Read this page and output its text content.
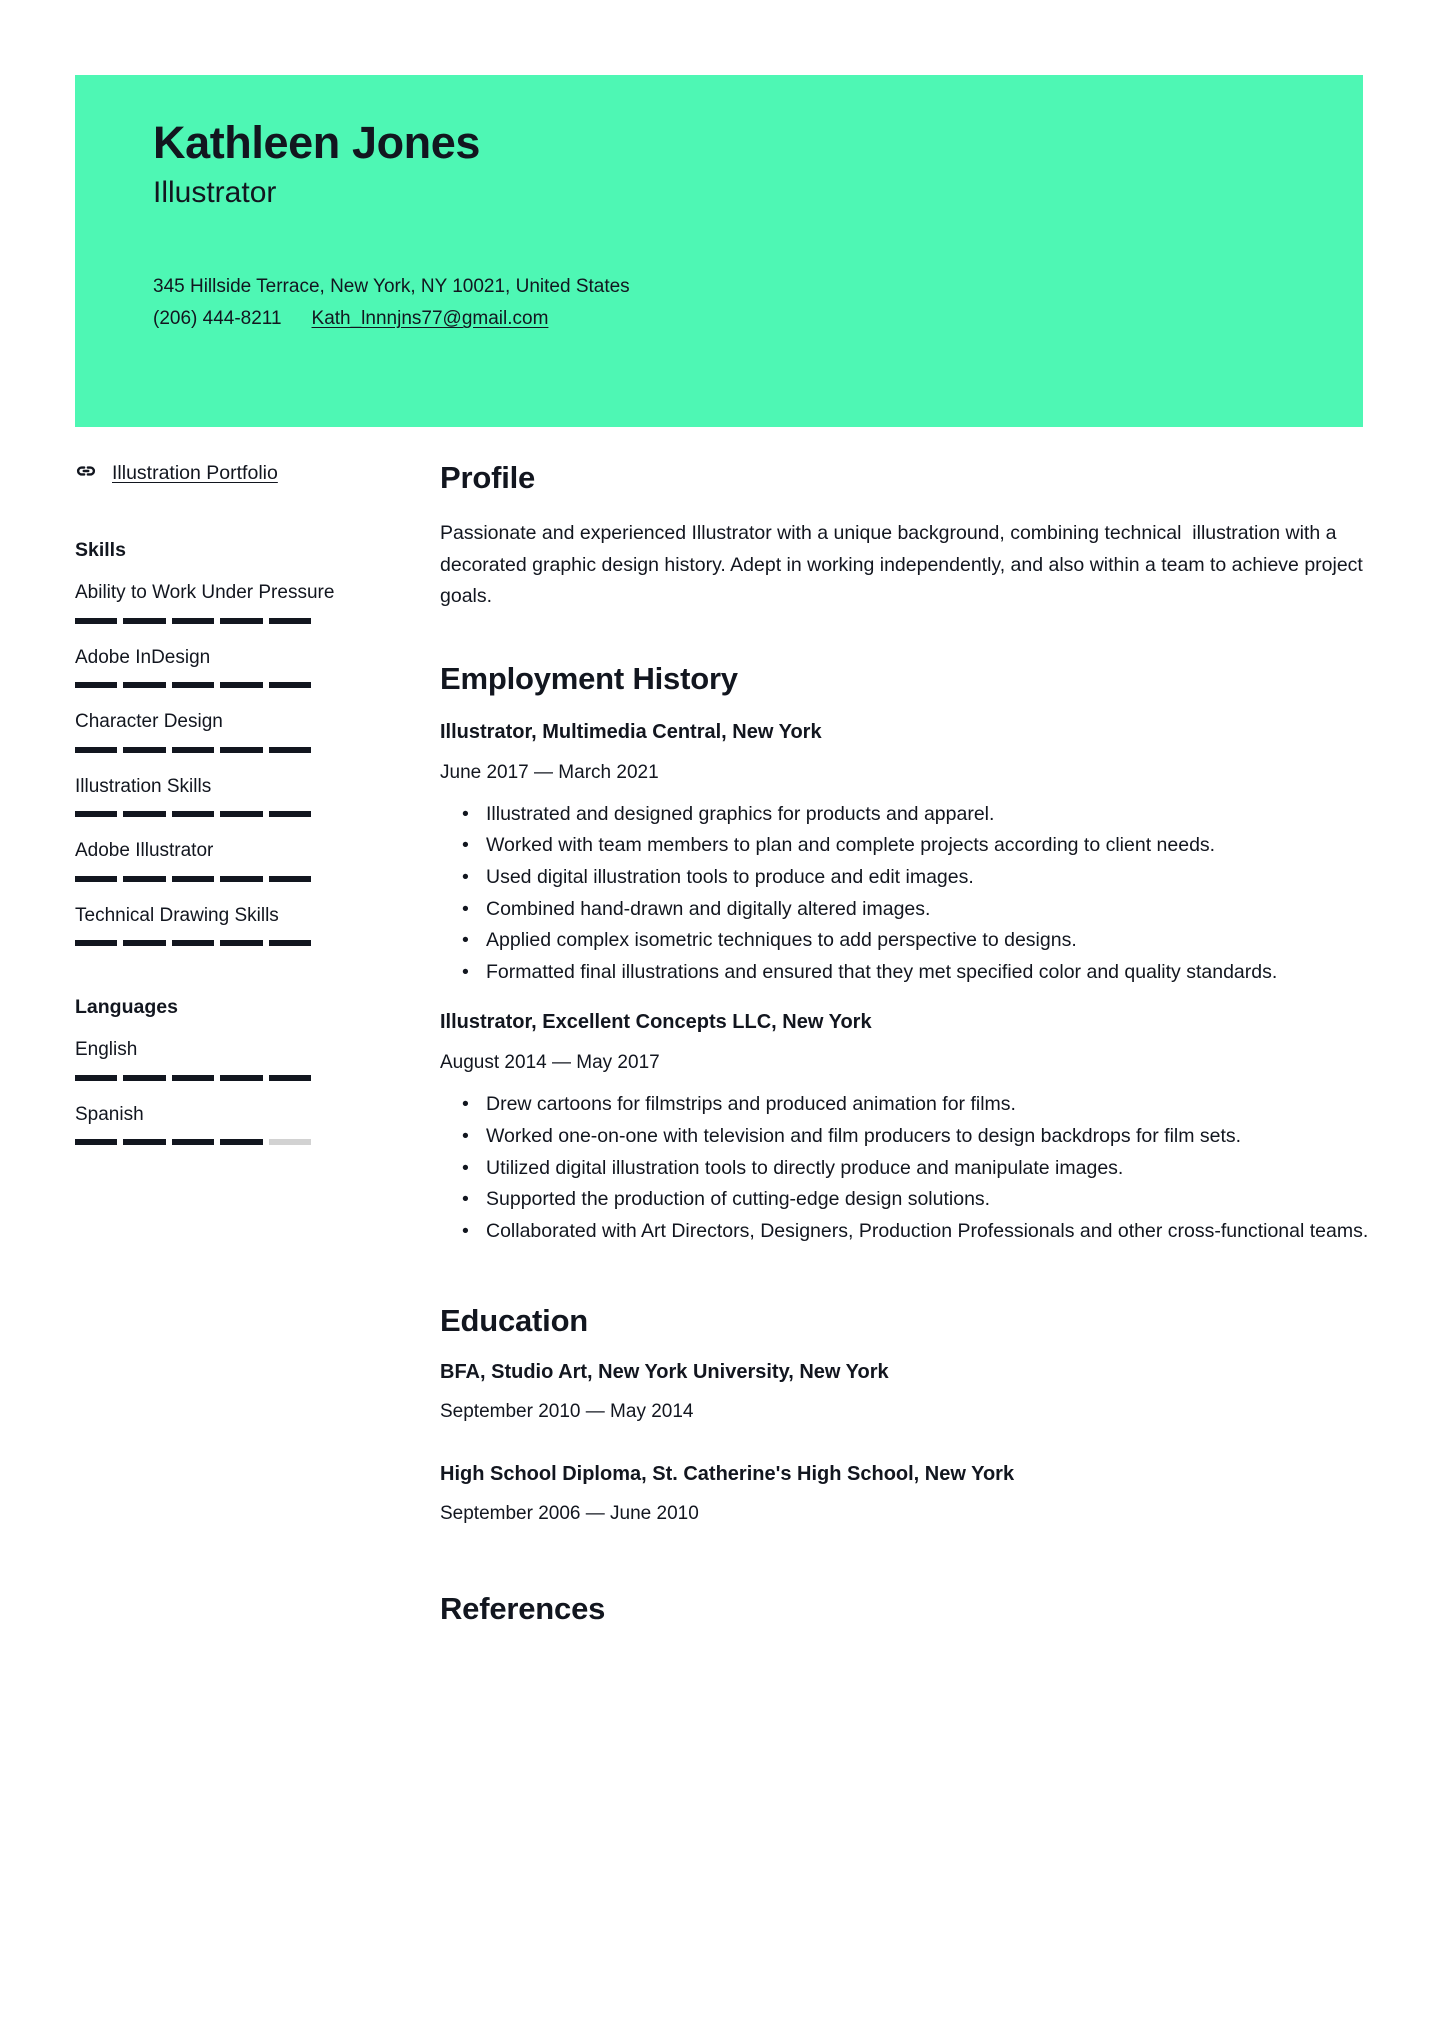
Kathleen Jones
Illustrator
345 Hillside Terrace, New York, NY 10021, United States
(206) 444-8211 Kath_lnnnjns77@gmail.com
Illustration Portfolio
Skills
Ability to Work Under Pressure
Adobe InDesign
Character Design
Illustration Skills
Adobe Illustrator
Technical Drawing Skills
Languages
English
Spanish
Profile
Passionate and experienced Illustrator with a unique background, combining technical  illustration with a decorated graphic design history. Adept in working independently, and also within a team to achieve project goals.
Employment History
Illustrator, Multimedia Central, New York
June 2017 — March 2021
• Illustrated and designed graphics for products and apparel.
• Worked with team members to plan and complete projects according to client needs.
• Used digital illustration tools to produce and edit images.
• Combined hand-drawn and digitally altered images.
• Applied complex isometric techniques to add perspective to designs.
• Formatted final illustrations and ensured that they met specified color and quality standards.
Illustrator, Excellent Concepts LLC, New York
August 2014 — May 2017
• Drew cartoons for filmstrips and produced animation for films.
• Worked one-on-one with television and film producers to design backdrops for film sets.
• Utilized digital illustration tools to directly produce and manipulate images.
• Supported the production of cutting-edge design solutions.
• Collaborated with Art Directors, Designers, Production Professionals and other cross-functional teams.
Education
BFA, Studio Art, New York University, New York
September 2010 — May 2014
High School Diploma, St. Catherine's High School, New York
September 2006 — June 2010
References
